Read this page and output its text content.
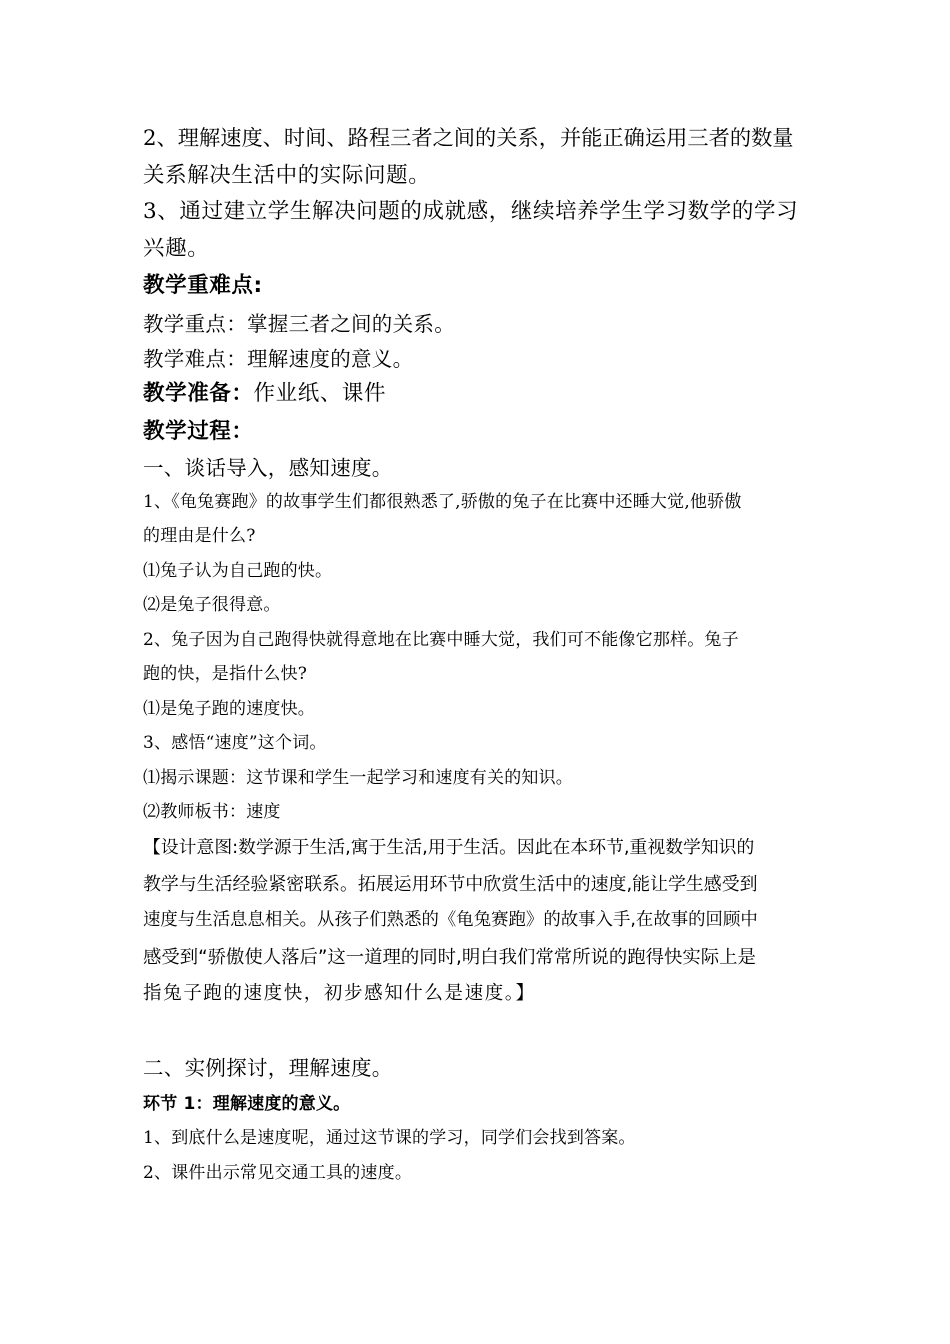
2、理解速度、时间、路程三者之间的关系，并能正确运用三者的数量
关系解决生活中的实际问题。
3、通过建立学生解决问题的成就感，继续培养学生学习数学的学习
兴趣。
教学重难点:
教学重点：掌握三者之间的关系。
教学难点：理解速度的意义。
教学准备：作业纸、课件
教学过程：
一、谈话导入，感知速度。
1、《龟兔赛跑》的故事学生们都很熟悉了,骄傲的兔子在比赛中还睡大觉,他骄傲
的理由是什么?
⑴兔子认为自己跑的快。
⑵是兔子很得意。
2、兔子因为自己跑得快就得意地在比赛中睡大觉，我们可不能像它那样。兔子
跑的快，是指什么快?
⑴是兔子跑的速度快。
3、感悟“速度”这个词。
⑴揭示课题：这节课和学生一起学习和速度有关的知识。
⑵教师板书：速度
【设计意图:数学源于生活,寓于生活,用于生活。因此在本环节,重视数学知识的
教学与生活经验紧密联系。拓展运用环节中欣赏生活中的速度,能让学生感受到
速度与生活息息相关。从孩子们熟悉的《龟兔赛跑》的故事入手,在故事的回顾中
感受到“骄傲使人落后”这一道理的同时,明白我们常常所说的跑得快实际上是
指兔子跑的速度快，初步感知什么是速度。】
二、实例探讨，理解速度。
环节 1：理解速度的意义。
1、到底什么是速度呢，通过这节课的学习，同学们会找到答案。
2、课件出示常见交通工具的速度。
